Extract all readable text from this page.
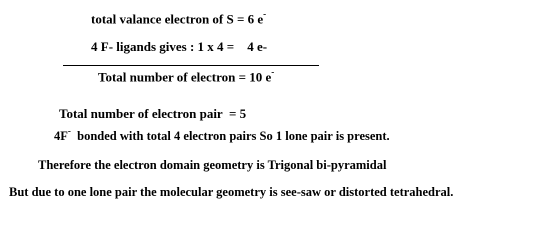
total valance electron of S = 6 e-
4 F- ligands gives : 1 x 4 =    4 e-
Total number of electron = 10 e-
Total number of electron pair  = 5
4F-  bonded with total 4 electron pairs So 1 lone pair is present.
Therefore the electron domain geometry is Trigonal bi-pyramidal
But due to one lone pair the molecular geometry is see-saw or distorted tetrahedral.
